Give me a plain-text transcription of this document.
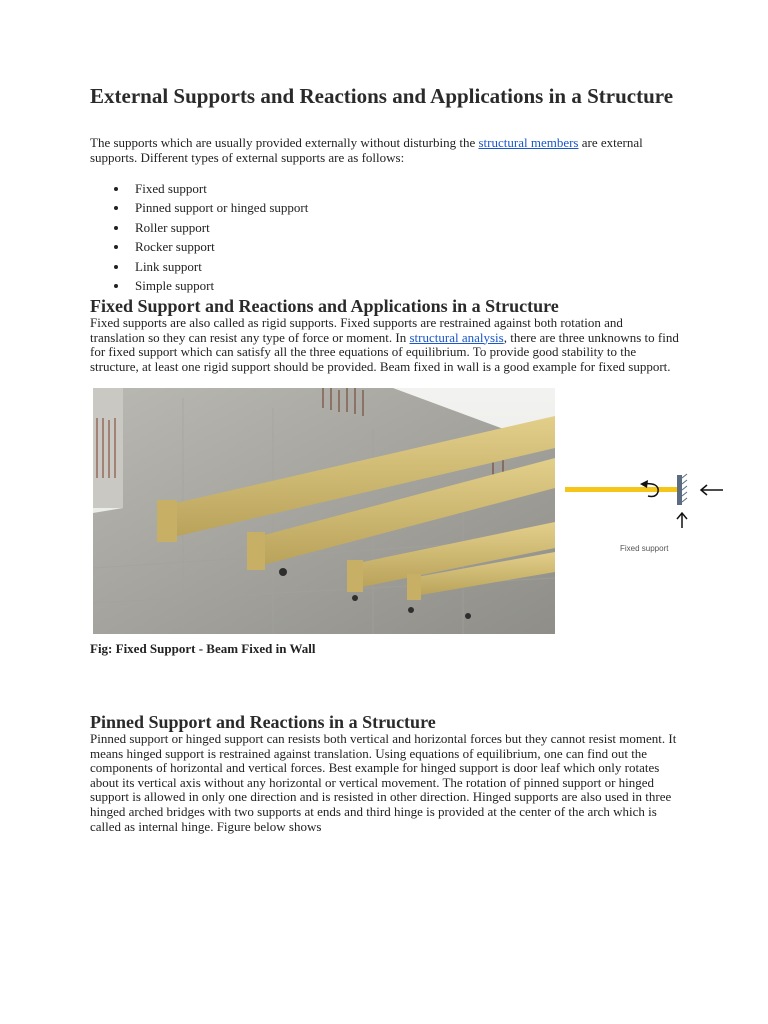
External Supports and Reactions and Applications in a Structure

The supports which are usually provided externally without disturbing the structural members are external supports. Different types of external supports are as follows:

Fixed support
Pinned support or hinged support
Roller support
Rocker support
Link support
Simple support
Fixed Support and Reactions and Applications in a Structure

Fixed supports are also called as rigid supports. Fixed supports are restrained against both rotation and translation so they can resist any type of force or moment. In structural analysis, there are three unknowns to find for fixed support which can satisfy all the three equations of equilibrium. To provide good stability to the structure, at least one rigid support should be provided. Beam fixed in wall is a good example for fixed support.

Fig: Fixed Support - Beam Fixed in Wall

Pinned Support and Reactions in a Structure

Pinned support or hinged support can resists both vertical and horizontal forces but they cannot resist moment. It means hinged support is restrained against translation. Using equations of equilibrium, one can find out the components of horizontal and vertical forces. Best example for hinged support is door leaf which only rotates about its vertical axis without any horizontal or vertical movement. The rotation of pinned support or hinged support is allowed in only one direction and is resisted in other direction. Hinged supports are also used in three hinged arched bridges with two supports at ends and third hinge is provided at the center of the arch which is called as internal hinge. Figure below shows

Fixed support
